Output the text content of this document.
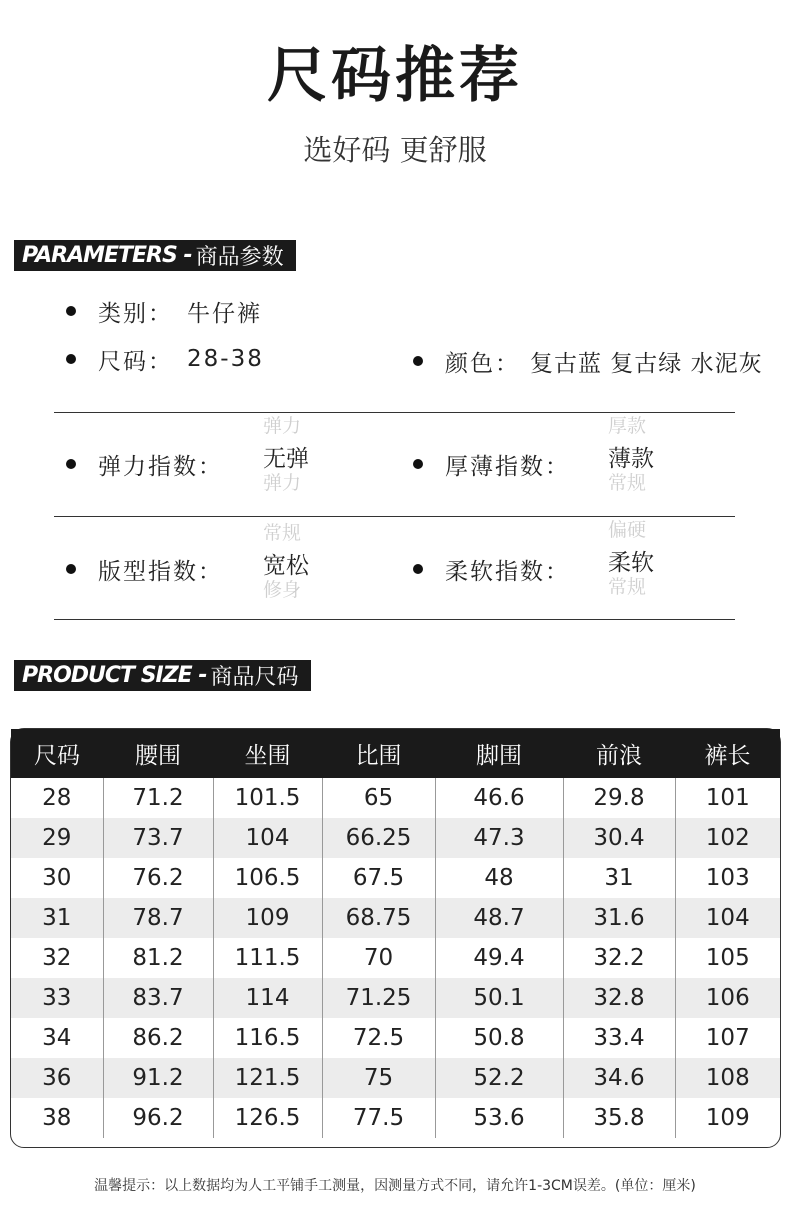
尺码推荐
选好码 更舒服
PARAMETERS - 商品参数
类别： 牛仔裤
尺码： 28-38	颜色： 复古蓝 复古绿 水泥灰
弹力指数：
弹力
无弹
弹力
厚薄指数：
厚款
薄款
常规
版型指数：
常规
宽松
修身
柔软指数：
偏硬
柔软
常规
PRODUCT SIZE - 商品尺码
尺码	腰围	坐围	比围	脚围	前浪	裤长
28	71.2	101.5	65	46.6	29.8	101
29	73.7	104	66.25	47.3	30.4	102
30	76.2	106.5	67.5	48	31	103
31	78.7	109	68.75	48.7	31.6	104
32	81.2	111.5	70	49.4	32.2	105
33	83.7	114	71.25	50.1	32.8	106
34	86.2	116.5	72.5	50.8	33.4	107
36	91.2	121.5	75	52.2	34.6	108
38	96.2	126.5	77.5	53.6	35.8	109
温馨提示：以上数据均为人工平铺手工测量，因测量方式不同，请允许1-3CM误差。(单位：厘米)
